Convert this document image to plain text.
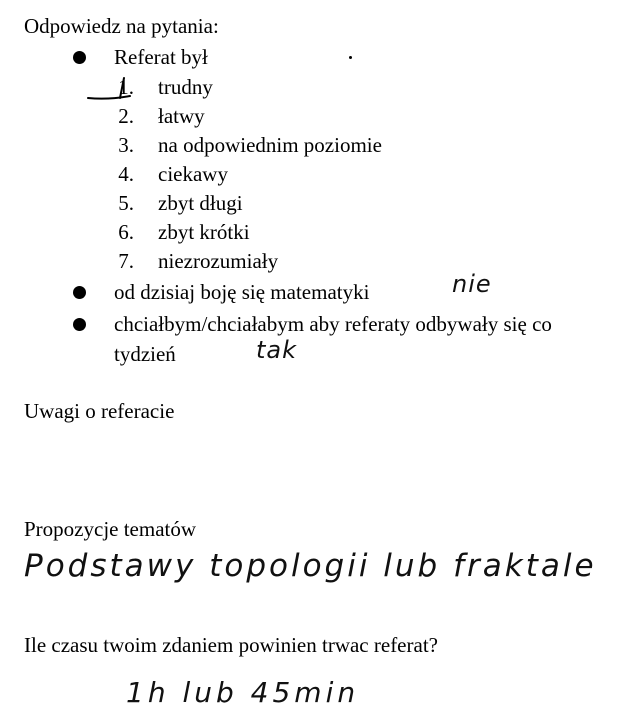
Odpowiedz na pytania:
Referat był
1. trudny
2. łatwy
3. na odpowiednim poziomie
4. ciekawy
5. zbyt długi
6. zbyt krótki
7. niezrozumiały
od dzisiaj boję się matematyki	nie
chciałbym/chciałabym aby referaty odbywały się co
tydzień	tak
Uwagi o referacie
Propozycje tematów
Podstawy topologii lub fraktale
Ile czasu twoim zdaniem powinien trwac referat?
1h lub 45min
